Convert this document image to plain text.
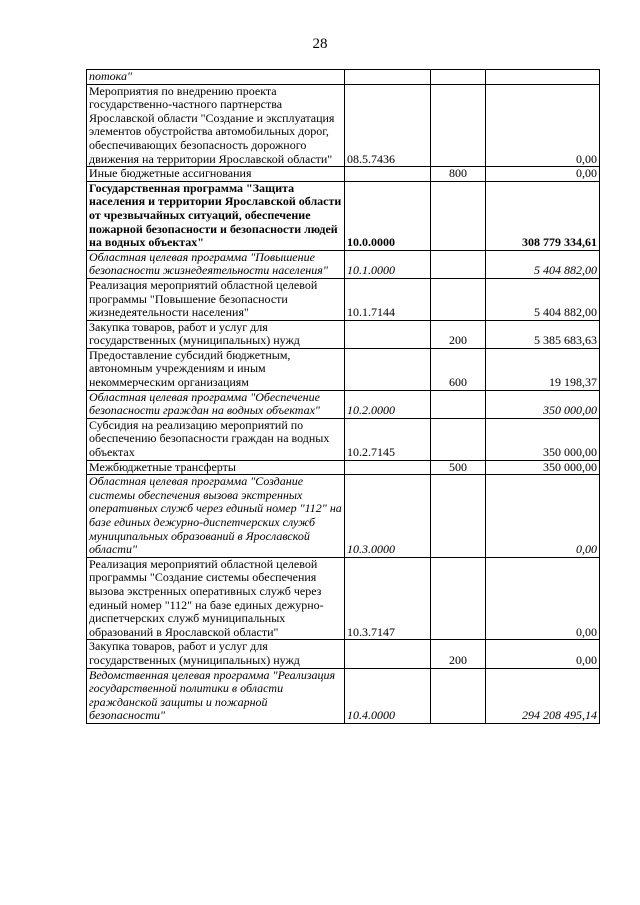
28
потока"			
Мероприятия по внедрению проекта государственно-частного партнерства Ярославской области "Создание и эксплуатация элементов обустройства автомобильных дорог, обеспечивающих безопасность дорожного движения на территории Ярославской области"	08.5.7436		0,00
Иные бюджетные ассигнования		800	0,00
Государственная программа "Защита населения и территории Ярославской области от чрезвычайных ситуаций, обеспечение пожарной безопасности и безопасности людей на водных объектах"	10.0.0000		308 779 334,61
Областная целевая программа "Повышение безопасности жизнедеятельности населения"	10.1.0000		5 404 882,00
Реализация мероприятий областной целевой программы "Повышение безопасности жизнедеятельности населения"	10.1.7144		5 404 882,00
Закупка товаров, работ и услуг для государственных (муниципальных) нужд		200	5 385 683,63
Предоставление субсидий бюджетным, автономным учреждениям и иным некоммерческим организациям		600	19 198,37
Областная целевая программа "Обеспечение безопасности граждан на водных объектах"	10.2.0000		350 000,00
Субсидия на реализацию мероприятий по обеспечению безопасности граждан на водных объектах	10.2.7145		350 000,00
Межбюджетные трансферты		500	350 000,00
Областная целевая программа "Создание системы обеспечения вызова экстренных оперативных служб через единый номер "112" на базе единых дежурно-диспетчерских служб муниципальных образований в Ярославской области"	10.3.0000		0,00
Реализация мероприятий областной целевой программы "Создание системы обеспечения вызова экстренных оперативных служб через единый номер "112" на базе единых дежурно-диспетчерских служб муниципальных образований в Ярославской области"	10.3.7147		0,00
Закупка товаров, работ и услуг для государственных (муниципальных) нужд		200	0,00
Ведомственная целевая программа "Реализация государственной политики в области гражданской защиты и пожарной безопасности"	10.4.0000		294 208 495,14
